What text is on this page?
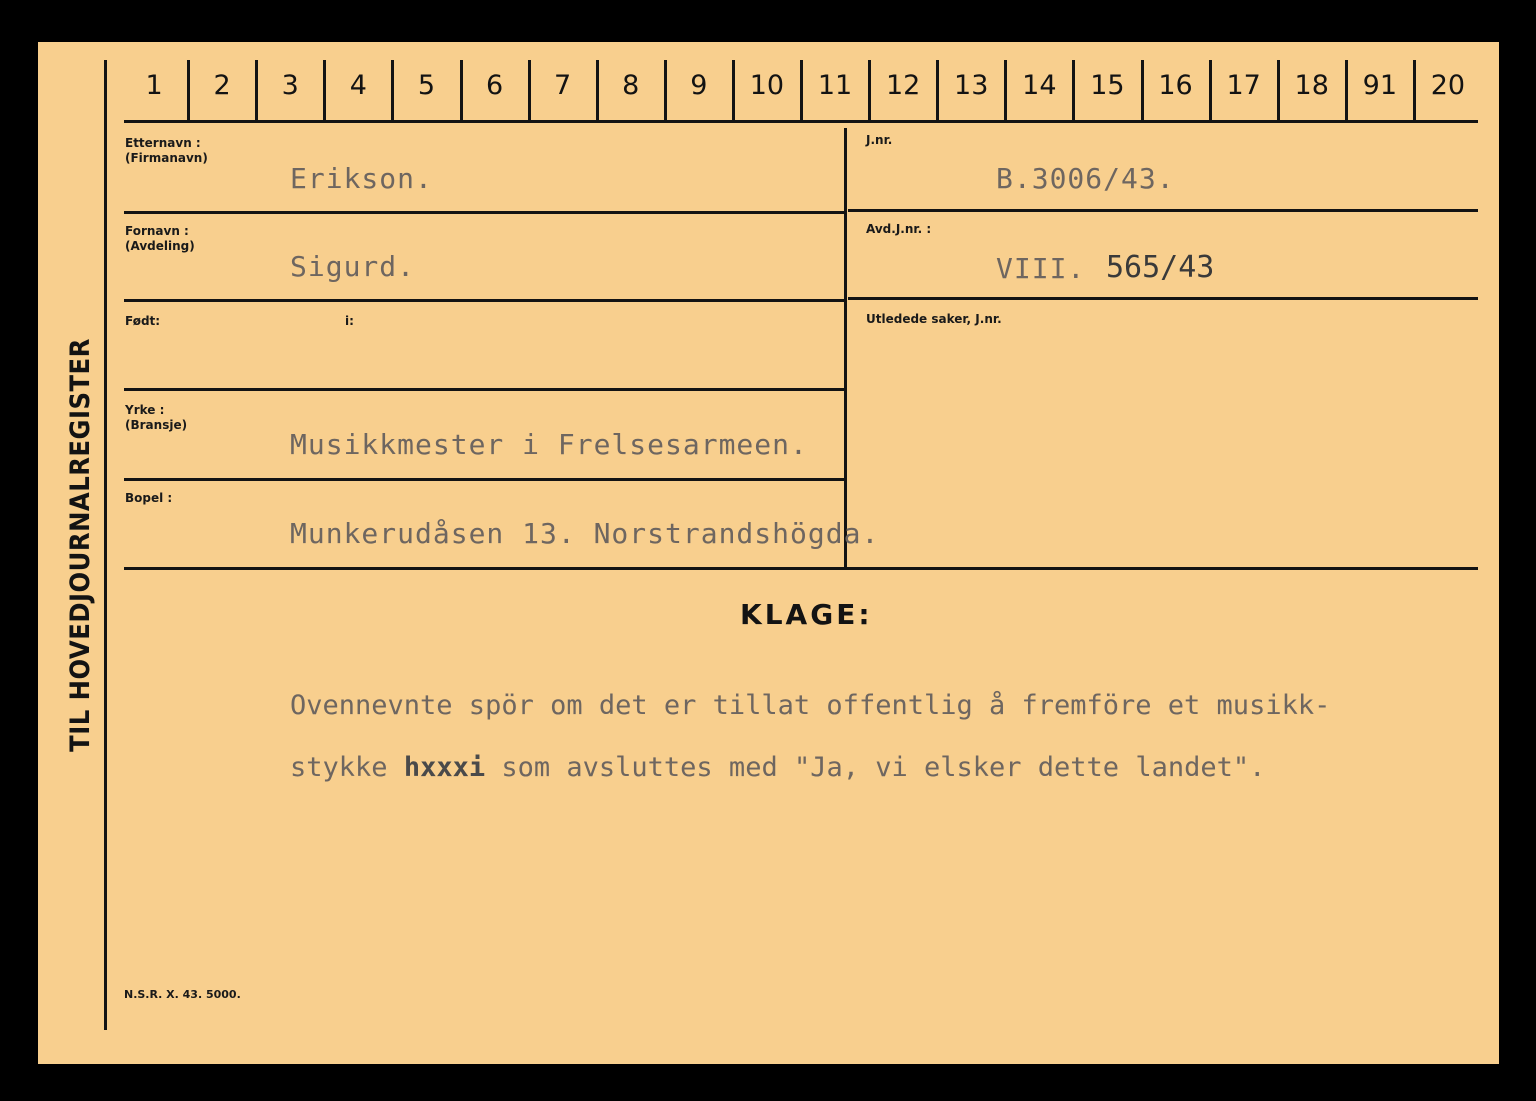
TIL HOVEDJOURNALREGISTER
1	2	3	4	5	6	7	8	9	10	11	12	13	14	15	16	17	18	91	20
Etternavn :
(Firmanavn)
Erikson.
Fornavn :
(Avdeling)
Sigurd.
Født:	i:
Yrke :
(Bransje)
Musikkmester i Frelsesarmeen.
Bopel :
Munkerudåsen 13. Norstrandshögda.
J.nr.
B.3006/43.
Avd.J.nr. :
VIII. 565/43
Utledede saker, J.nr.
KLAGE:
Ovennevnte spör om det er tillat offentlig å fremföre et musikk-
stykke hxxxi som avsluttes med "Ja, vi elsker dette landet".
N.S.R. X. 43. 5000.
